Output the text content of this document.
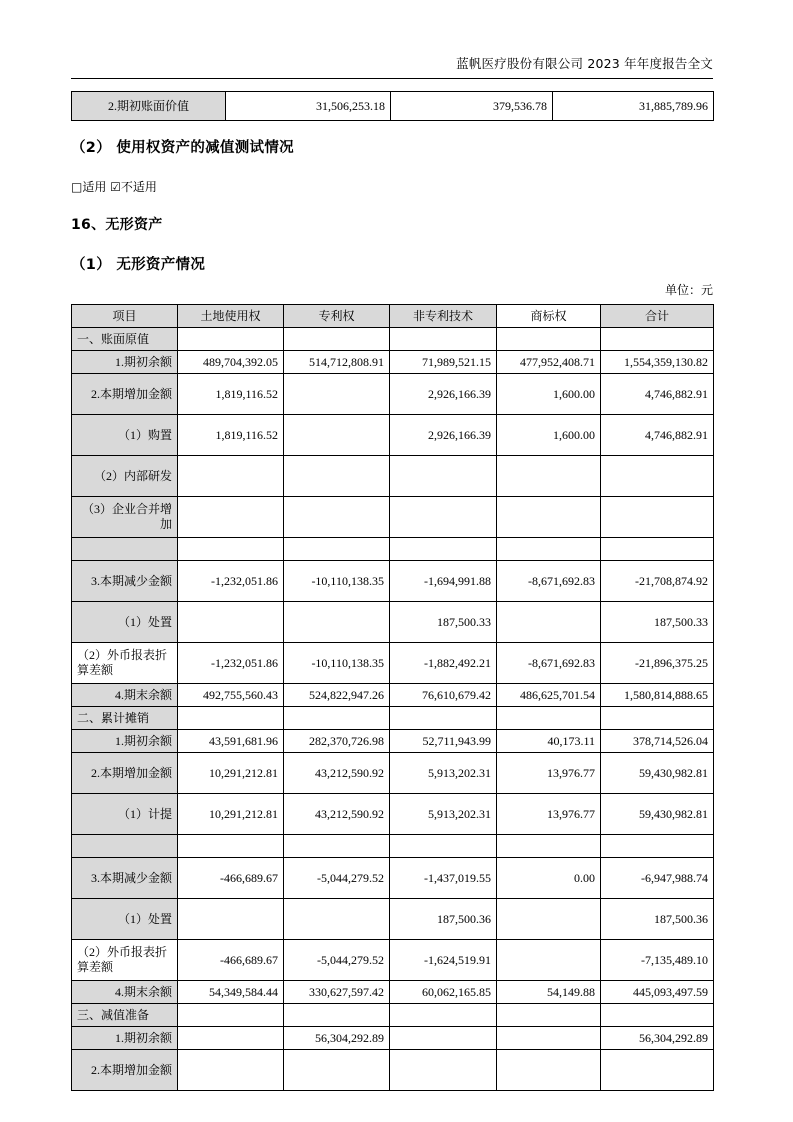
蓝帆医疗股份有限公司 2023 年年度报告全文
2.期初账面价值	31,506,253.18	379,536.78	31,885,789.96
（2） 使用权资产的减值测试情况
□适用 ☑不适用
16、无形资产
（1） 无形资产情况
单位：元
项目	土地使用权	专利权	非专利技术	商标权	合计
一、账面原值					
1.期初余额	489,704,392.05	514,712,808.91	71,989,521.15	477,952,408.71	1,554,359,130.82
2.本期增加金额	1,819,116.52		2,926,166.39	1,600.00	4,746,882.91
（1）购置	1,819,116.52		2,926,166.39	1,600.00	4,746,882.91
（2）内部研发					
（3）企业合并增加					

3.本期减少金额	-1,232,051.86	-10,110,138.35	-1,694,991.88	-8,671,692.83	-21,708,874.92
（1）处置			187,500.33		187,500.33
（2）外币报表折算差额	-1,232,051.86	-10,110,138.35	-1,882,492.21	-8,671,692.83	-21,896,375.25
4.期末余额	492,755,560.43	524,822,947.26	76,610,679.42	486,625,701.54	1,580,814,888.65
二、累计摊销					
1.期初余额	43,591,681.96	282,370,726.98	52,711,943.99	40,173.11	378,714,526.04
2.本期增加金额	10,291,212.81	43,212,590.92	5,913,202.31	13,976.77	59,430,982.81
（1）计提	10,291,212.81	43,212,590.92	5,913,202.31	13,976.77	59,430,982.81

3.本期减少金额	-466,689.67	-5,044,279.52	-1,437,019.55	0.00	-6,947,988.74
（1）处置			187,500.36		187,500.36
（2）外币报表折算差额	-466,689.67	-5,044,279.52	-1,624,519.91		-7,135,489.10
4.期末余额	54,349,584.44	330,627,597.42	60,062,165.85	54,149.88	445,093,497.59
三、减值准备					
1.期初余额		56,304,292.89			56,304,292.89
2.本期增加金额					
